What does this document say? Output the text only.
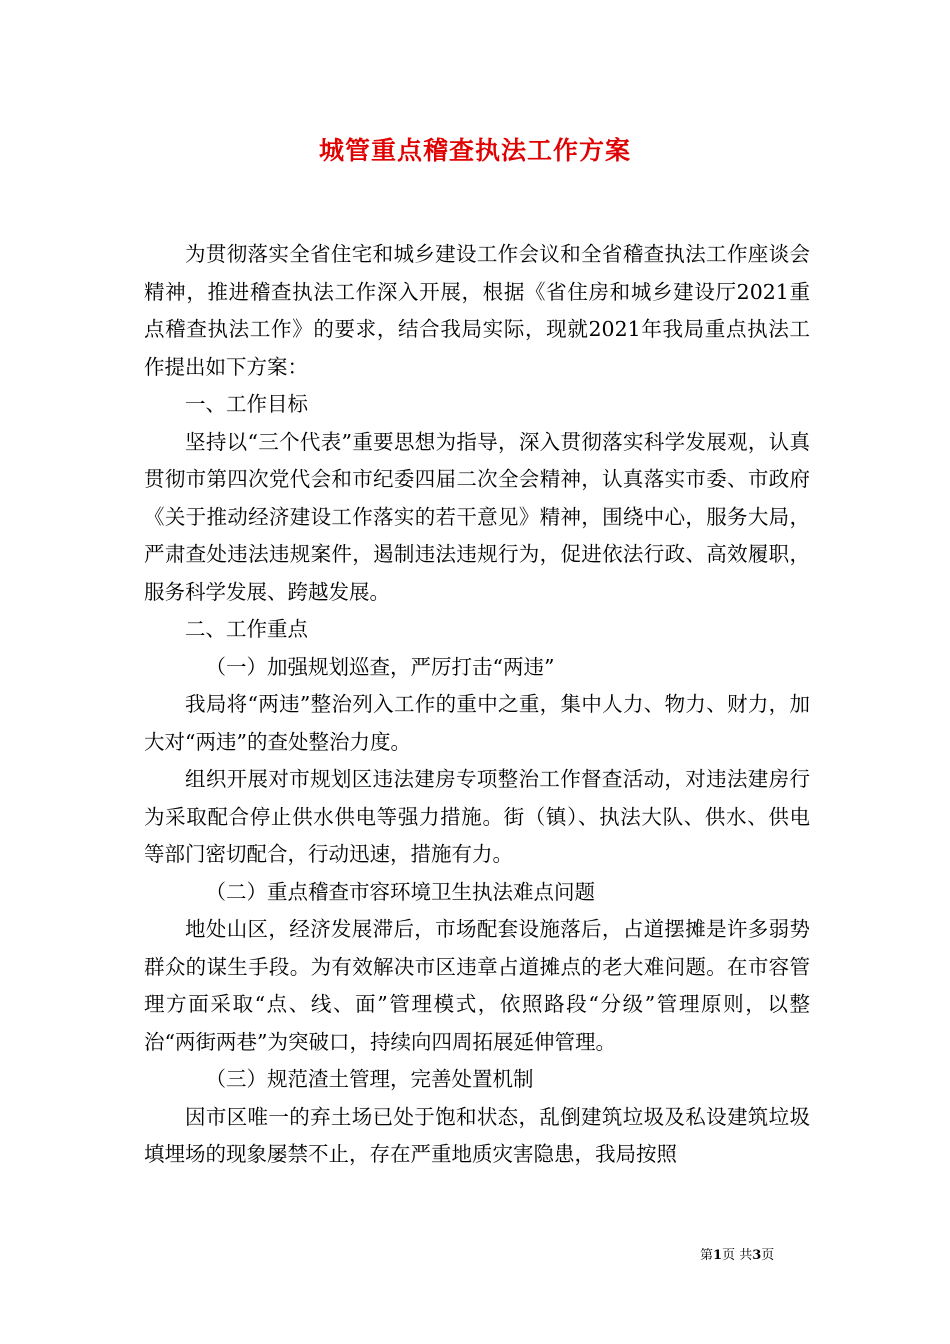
城管重点稽查执法工作方案

为贯彻落实全省住宅和城乡建设工作会议和全省稽查执法工作座谈会精神，推进稽查执法工作深入开展，根据《省住房和城乡建设厅2021重点稽查执法工作》的要求，结合我局实际，现就2021年我局重点执法工作提出如下方案：

一、工作目标

坚持以“三个代表”重要思想为指导，深入贯彻落实科学发展观，认真贯彻市第四次党代会和市纪委四届二次全会精神，认真落实市委、市政府《关于推动经济建设工作落实的若干意见》精神，围绕中心，服务大局，严肃查处违法违规案件，遏制违法违规行为，促进依法行政、高效履职，服务科学发展、跨越发展。

二、工作重点

（一）加强规划巡查，严厉打击“两违”

我局将“两违”整治列入工作的重中之重，集中人力、物力、财力，加大对“两违”的查处整治力度。

组织开展对市规划区违法建房专项整治工作督查活动，对违法建房行为采取配合停止供水供电等强力措施。街（镇）、执法大队、供水、供电等部门密切配合，行动迅速，措施有力。

（二）重点稽查市容环境卫生执法难点问题

地处山区，经济发展滞后，市场配套设施落后，占道摆摊是许多弱势群众的谋生手段。为有效解决市区违章占道摊点的老大难问题。在市容管理方面采取“点、线、面”管理模式，依照路段“分级”管理原则，以整治“两街两巷”为突破口，持续向四周拓展延伸管理。

（三）规范渣土管理，完善处置机制

因市区唯一的弃土场已处于饱和状态，乱倒建筑垃圾及私设建筑垃圾填埋场的现象屡禁不止，存在严重地质灾害隐患，我局按照

第1页 共3页
